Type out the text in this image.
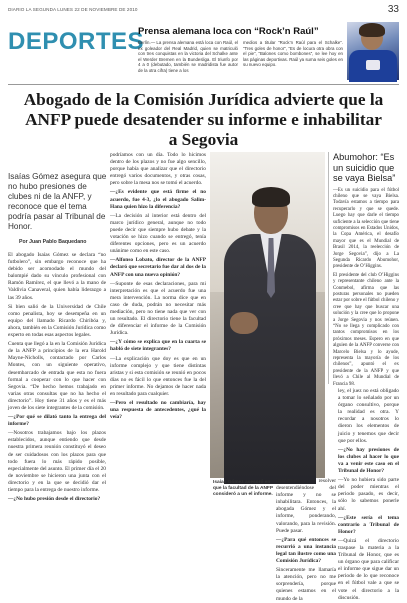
DIARIO LA SEGUNDA LUNES 22 DE NOVIEMBRE DE 2010	33
DEPORTES
Prensa alemana loca con “Rock’n Raúl”

Berlín.— La prensa alemana está loca con Raúl, el ex goleador del Real Madrid, quien se matriculó con tres conquistas en la victoria del Schalke ante el Werder Bremen en la Bundesliga. El triunfo por 4 a 0 (debutado, también se madridista fue autor de la otra cifra) tiene a los

medios a titular “Rock’n Raúl para el Schalke”. “Tres goles de honor”, “Es de locura otra obra con el pie”, “Balones como bombones”, se lee hoy en las páginas deportivas. Raúl ya suma seis goles en su nuevo equipo.

Abogado de la Comisión Jurídica advierte que la ANFP puede desatender su informe e inhabilitar a Segovia
Isaías Gómez asegura que no hubo presiones de clubes ni de la ANFP, y reconoce que el tema podría pasar al Tribunal de Honor.
Por Juan Pablo Baquedano

El abogado Isaías Gómez se declara “no futbolero”, sin embargo reconoce que ha debido ser acomodado el mundo del balompié dado su vínculo profesional con Ramón Ramírez, el que llevó a la mano de Valdivia Canaveral, quien había liderazgo a las 39 años.

Si bien salió de la Universidad de Chile como penalista, hoy se desempeña en un equipo del llamado Ricardo Chiribóa y, ahora, también en la Comisión Jurídica como experto en todas esas aspectos legales.

Cuenta que llegó a la en la Comisión Jurídica de la ANFP a principios de la era Harold Mayne-Nicholls, contactado por Carlos Montes, con un siguiente operativo, desembarcado de entrada que esta no fuera formal a cooperar con lo que hacer con Segovia. “De hecho hemos trabajado en varias otras consultas que no ha hecho el directorio”. Hoy tiene 31 años y es el más joven de los siete integrantes de la comisión.

—¿Por qué se dilató tanto la entrega del informe?

—Nosotros trabajamos bajo los plazos establecidos, aunque entiendo que desde nuestra primera reunión constituyó el deseo de ser cuidadosos con los plazos para que todo fuera lo más rápido posible, especialmente del asunto. El primer día el 20 de noviembre se hicieron una junta con el directorio y en la que se decidió dar el tiempo para la entrega de nuestro informe.

—¿No hubo presión desde el directorio?

podríamos con un día. Todo lo hicimos dentro de los plazos y no fue algo sencillo, porque había que analizar que el directorio entregó varios documentos, y otras cosas, pero sobre la mesa nos se tomó el acuerdo.

—¿Es evidente que está firme el no acuerdo, fue 4-3, ¿lo el abogado Salim-Hana quien hizo la diferencia?

—La decisión al interior está dentro del marco jurídico general, aunque no todo puede decir que siempre hubo debate y la votación se hizo cuando se entregó, tenía diferentes opciones, pero es un acuerdo unánime como en este caso.

—Alfonso Lobato, director de la ANFP declaró que secretario fue dar al dos de la ANFP con una nueva opinión?

—Suponte de esas declaraciones, para mi interpretación es que el acuerdo fue una mera intervención. La norma dice que en caso de duda, podrán no necesitar más mediación, pero no tiene nada que ver con un resultado. El directorio tiene la facultad de diferenciar el informe de la Comisión Jurídica.

—¿Y cómo se explica que en la cuarta se habló de siete integrantes?

—La explicación que doy es que en un informe complejo y que tiene distintas aristas y si esta comisión se reunió en pocos días no es fácil lo que entonces fue la del primer informe. No dejamos de hacer nada en resultado para cualquier.

—Pero el resultado no cambiaría, hay una respuesta de antecedentes, ¿qué la veía?

Isaías Gómez asesoró en que la facultad de la ANFP consideró a un el informe.

igualmente resolver desentendiéndose del informe y no se inhabilitara. Entonces, la abogada Gómez y el informe, ponderando, valorando, para la revisión. Puede pasar.

—¿Para qué entonces se recurrió a una instancia legal tan ilustre como una Comisión Jurídica?

Sinceramente me llamaría la atención, pero no me sorprendería, porque quienes estamos en el mundo de la

ley, el juez no está obligado a tomar lo señalado por un órgano consultivo, porque la realidad es otra. Y recordar a nosotros lo dieron los elementos de juicio y tenemos que decir que por ellos.

—¿No hay presiones de los clubes al hacer lo que va a venir este caso en el Tribunal de Honor?

—Yo no hubiera sido parte del poder mientras el periodo pasado, es decir, sólo lo sabemos ponerle ahí.

—¿Este sería el tema contrario a Tribunal de Honor?

—Quizá el directorio traspase la materia a la Tribunal de Honor, que es un órgano que para calificar el informe que sigue dar un periodo de lo que reconoce en el fútbol vale a que se vote el directorio a la discusión.

Abumohor: “Es un suicidio que se vaya Bielsa”

—Es un suicidio para el fútbol chileno que se vaya Bielsa. Todavía estamos a tiempo para recuperarlo y que se quede. Luego hay que darle el tiempo suficiente a la selección que tiene compromisos en Estados Unidos, la Copa América, el desafío mayor que es el Mundial de Brasil 2014, la reelección de Jorge Segovia”, dijo a La Segunda Ricardo Abumohor, presidente de O’Higgins.

El presidente del club O’Higgins y representante chileno ante la Conmebol, afirma que las posturas personales no pueden estar por sobre el fútbol chileno y cree que hay que buscar una solución y la cree que lo propone a Jorge Segovia y nos reúnen. “No se llega y complicado con tantos compromisos en los próximos meses. Espero en que alguien de la ANFP converse con Marcelo Bielsa y lo ayude, representa la mayoría de los chilenos”, apuntó el ex presidente de la ANFP y que llevó a Chile al Mundial de Francia 98.
